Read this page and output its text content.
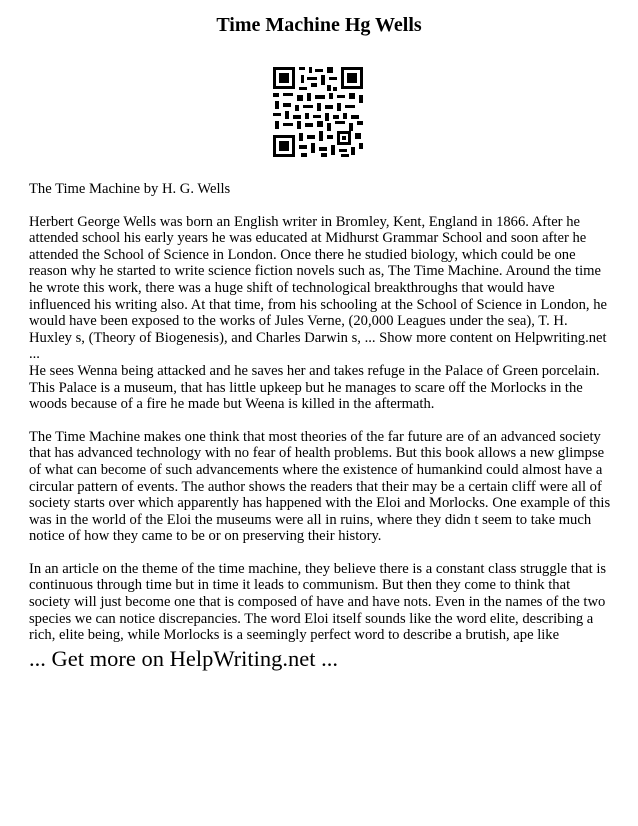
Time Machine Hg Wells

The Time Machine by H. G. Wells

Herbert George Wells was born an English writer in Bromley, Kent, England in 1866. After he attended school his early years he was educated at Midhurst Grammar School and soon after he attended the School of Science in London. Once there he studied biology, which could be one reason why he started to write science fiction novels such as, The Time Machine. Around the time he wrote this work, there was a huge shift of technological breakthroughs that would have influenced his writing also. At that time, from his schooling at the School of Science in London, he would have been exposed to the works of Jules Verne, (20,000 Leagues under the sea), T. H. Huxley s, (Theory of Biogenesis), and Charles Darwin s, ... Show more content on Helpwriting.net ...

He sees Wenna being attacked and he saves her and takes refuge in the Palace of Green porcelain. This Palace is a museum, that has little upkeep but he manages to scare off the Morlocks in the woods because of a fire he made but Weena is killed in the aftermath.

The Time Machine makes one think that most theories of the far future are of an advanced society that has advanced technology with no fear of health problems. But this book allows a new glimpse of what can become of such advancements where the existence of humankind could almost have a circular pattern of events. The author shows the readers that their may be a certain cliff were all of society starts over which apparently has happened with the Eloi and Morlocks. One example of this was in the world of the Eloi the museums were all in ruins, where they didn t seem to take much notice of how they came to be or on preserving their history.

In an article on the theme of the time machine, they believe there is a constant class struggle that is continuous through time but in time it leads to communism. But then they come to think that society will just become one that is composed of have and have nots. Even in the names of the two species we can notice discrepancies. The word Eloi itself sounds like the word elite, describing a rich, elite being, while Morlocks is a seemingly perfect word to describe a brutish, ape like

... Get more on HelpWriting.net ...
